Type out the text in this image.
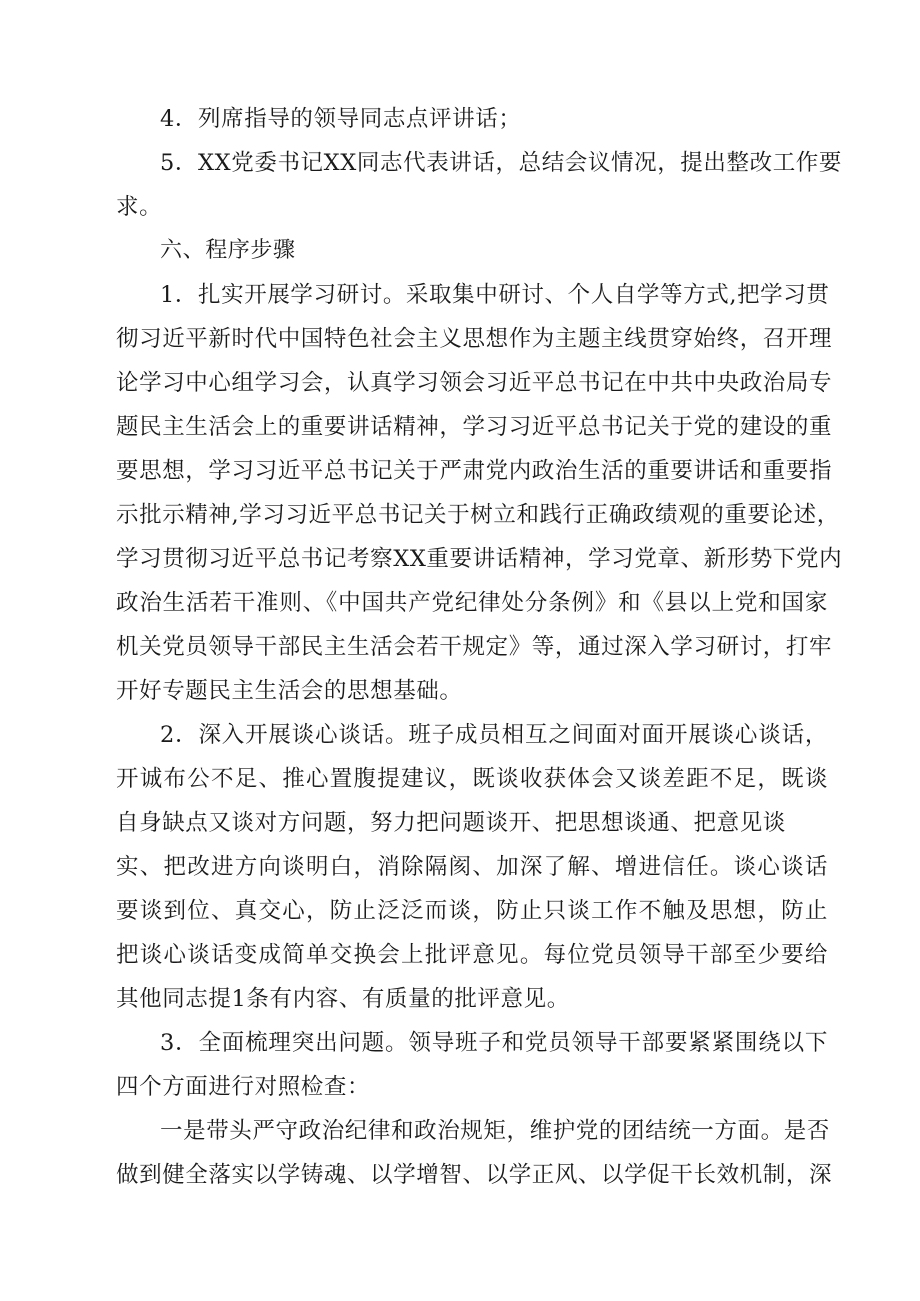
4．列席指导的领导同志点评讲话；
5．XX党委书记XX同志代表讲话，总结会议情况，提出整改工作要
求。
六、程序步骤
1．扎实开展学习研讨。采取集中研讨、个人自学等方式,把学习贯
彻习近平新时代中国特色社会主义思想作为主题主线贯穿始终，召开理
论学习中心组学习会，认真学习领会习近平总书记在中共中央政治局专
题民主生活会上的重要讲话精神，学习习近平总书记关于党的建设的重
要思想，学习习近平总书记关于严肃党内政治生活的重要讲话和重要指
示批示精神,学习习近平总书记关于树立和践行正确政绩观的重要论述，
学习贯彻习近平总书记考察XX重要讲话精神，学习党章、新形势下党内
政治生活若干准则、《中国共产党纪律处分条例》和《县以上党和国家
机关党员领导干部民主生活会若干规定》等，通过深入学习研讨，打牢
开好专题民主生活会的思想基础。
2．深入开展谈心谈话。班子成员相互之间面对面开展谈心谈话，
开诚布公不足、推心置腹提建议，既谈收获体会又谈差距不足，既谈
自身缺点又谈对方问题，努力把问题谈开、把思想谈通、把意见谈
实、把改进方向谈明白，消除隔阂、加深了解、增进信任。谈心谈话
要谈到位、真交心，防止泛泛而谈，防止只谈工作不触及思想，防止
把谈心谈话变成简单交换会上批评意见。每位党员领导干部至少要给
其他同志提1条有内容、有质量的批评意见。
3．全面梳理突出问题。领导班子和党员领导干部要紧紧围绕以下
四个方面进行对照检查：
一是带头严守政治纪律和政治规矩，维护党的团结统一方面。是否
做到健全落实以学铸魂、以学增智、以学正风、以学促干长效机制，深
